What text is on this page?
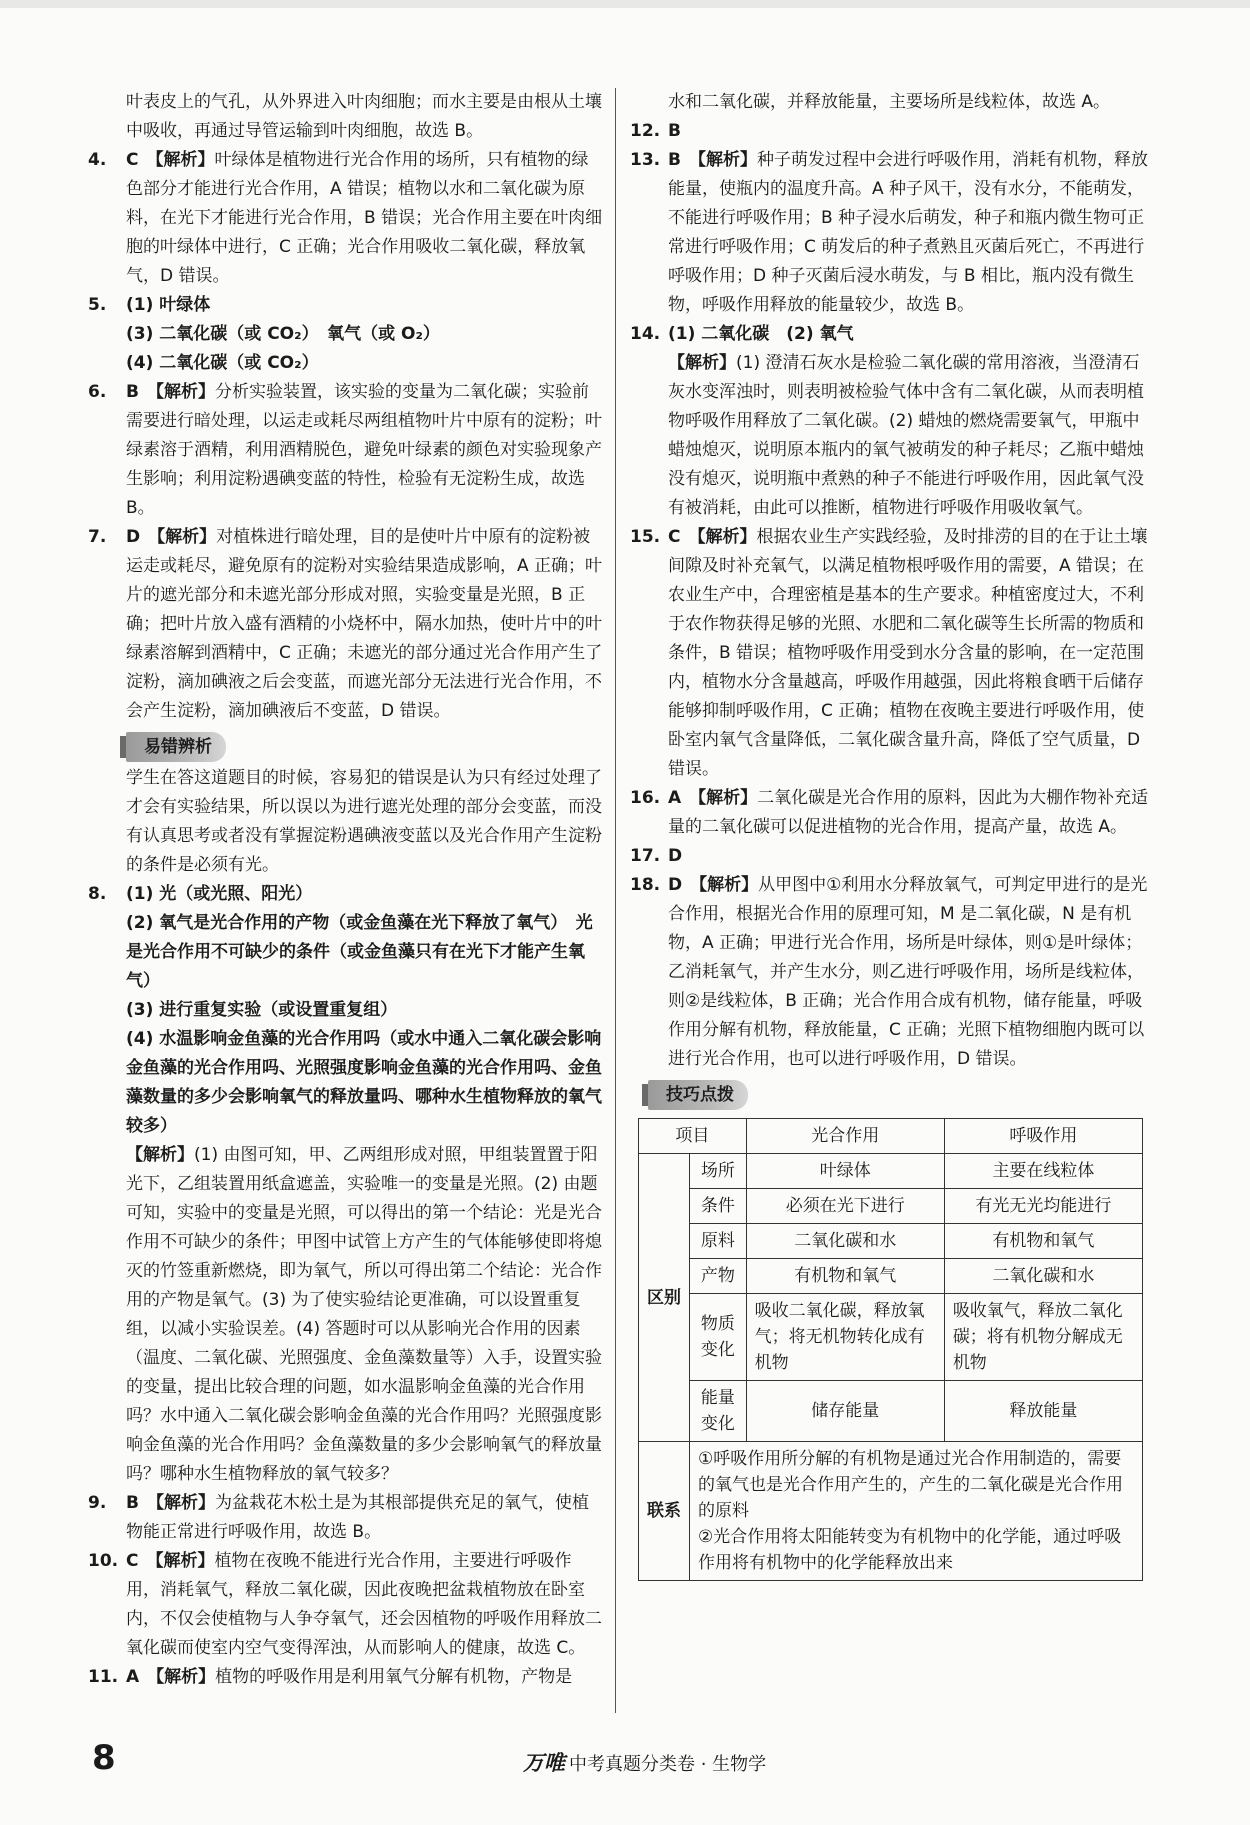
叶表皮上的气孔，从外界进入叶肉细胞；而水主要是由根从土壤中吸收，再通过导管运输到叶肉细胞，故选 B。

4. C 【解析】叶绿体是植物进行光合作用的场所，只有植物的绿色部分才能进行光合作用，A 错误；植物以水和二氧化碳为原料，在光下才能进行光合作用，B 错误；光合作用主要在叶肉细胞的叶绿体中进行，C 正确；光合作用吸收二氧化碳，释放氧气，D 错误。
5. (1) 叶绿体

(3) 二氧化碳（或 CO₂）　氧气（或 O₂）

(4) 二氧化碳（或 CO₂）

6. B 【解析】分析实验装置，该实验的变量为二氧化碳；实验前需要进行暗处理，以运走或耗尽两组植物叶片中原有的淀粉；叶绿素溶于酒精，利用酒精脱色，避免叶绿素的颜色对实验现象产生影响；利用淀粉遇碘变蓝的特性，检验有无淀粉生成，故选 B。
7. D 【解析】对植株进行暗处理，目的是使叶片中原有的淀粉被运走或耗尽，避免原有的淀粉对实验结果造成影响，A 正确；叶片的遮光部分和未遮光部分形成对照，实验变量是光照，B 正确；把叶片放入盛有酒精的小烧杯中，隔水加热，使叶片中的叶绿素溶解到酒精中，C 正确；未遮光的部分通过光合作用产生了淀粉，滴加碘液之后会变蓝，而遮光部分无法进行光合作用，不会产生淀粉，滴加碘液后不变蓝，D 错误。
易错辨析

学生在答这道题目的时候，容易犯的错误是认为只有经过处理了才会有实验结果，所以误以为进行遮光处理的部分会变蓝，而没有认真思考或者没有掌握淀粉遇碘液变蓝以及光合作用产生淀粉的条件是必须有光。

8. (1) 光（或光照、阳光）

(2) 氧气是光合作用的产物（或金鱼藻在光下释放了氧气）　光是光合作用不可缺少的条件（或金鱼藻只有在光下才能产生氧气）

(3) 进行重复实验（或设置重复组）

(4) 水温影响金鱼藻的光合作用吗（或水中通入二氧化碳会影响金鱼藻的光合作用吗、光照强度影响金鱼藻的光合作用吗、金鱼藻数量的多少会影响氧气的释放量吗、哪种水生植物释放的氧气较多）

【解析】(1) 由图可知，甲、乙两组形成对照，甲组装置置于阳光下，乙组装置用纸盒遮盖，实验唯一的变量是光照。(2) 由题可知，实验中的变量是光照，可以得出的第一个结论：光是光合作用不可缺少的条件；甲图中试管上方产生的气体能够使即将熄灭的竹签重新燃烧，即为氧气，所以可得出第二个结论：光合作用的产物是氧气。(3) 为了使实验结论更准确，可以设置重复组，以减小实验误差。(4) 答题时可以从影响光合作用的因素（温度、二氧化碳、光照强度、金鱼藻数量等）入手，设置实验的变量，提出比较合理的问题，如水温影响金鱼藻的光合作用吗？水中通入二氧化碳会影响金鱼藻的光合作用吗？光照强度影响金鱼藻的光合作用吗？金鱼藻数量的多少会影响氧气的释放量吗？哪种水生植物释放的氧气较多？

9. B 【解析】为盆栽花木松土是为其根部提供充足的氧气，使植物能正常进行呼吸作用，故选 B。
10. C 【解析】植物在夜晚不能进行光合作用，主要进行呼吸作用，消耗氧气，释放二氧化碳，因此夜晚把盆栽植物放在卧室内，不仅会使植物与人争夺氧气，还会因植物的呼吸作用释放二氧化碳而使室内空气变得浑浊，从而影响人的健康，故选 C。
11. A 【解析】植物的呼吸作用是利用氧气分解有机物，产物是

水和二氧化碳，并释放能量，主要场所是线粒体，故选 A。

12. B
13. B 【解析】种子萌发过程中会进行呼吸作用，消耗有机物，释放能量，使瓶内的温度升高。A 种子风干，没有水分，不能萌发，不能进行呼吸作用；B 种子浸水后萌发，种子和瓶内微生物可正常进行呼吸作用；C 萌发后的种子煮熟且灭菌后死亡，不再进行呼吸作用；D 种子灭菌后浸水萌发，与 B 相比，瓶内没有微生物，呼吸作用释放的能量较少，故选 B。
14. (1) 二氧化碳　(2) 氧气

【解析】(1) 澄清石灰水是检验二氧化碳的常用溶液，当澄清石灰水变浑浊时，则表明被检验气体中含有二氧化碳，从而表明植物呼吸作用释放了二氧化碳。(2) 蜡烛的燃烧需要氧气，甲瓶中蜡烛熄灭，说明原本瓶内的氧气被萌发的种子耗尽；乙瓶中蜡烛没有熄灭，说明瓶中煮熟的种子不能进行呼吸作用，因此氧气没有被消耗，由此可以推断，植物进行呼吸作用吸收氧气。

15. C 【解析】根据农业生产实践经验，及时排涝的目的在于让土壤间隙及时补充氧气，以满足植物根呼吸作用的需要，A 错误；在农业生产中，合理密植是基本的生产要求。种植密度过大，不利于农作物获得足够的光照、水肥和二氧化碳等生长所需的物质和条件，B 错误；植物呼吸作用受到水分含量的影响，在一定范围内，植物水分含量越高，呼吸作用越强，因此将粮食晒干后储存能够抑制呼吸作用，C 正确；植物在夜晚主要进行呼吸作用，使卧室内氧气含量降低，二氧化碳含量升高，降低了空气质量，D 错误。
16. A 【解析】二氧化碳是光合作用的原料，因此为大棚作物补充适量的二氧化碳可以促进植物的光合作用，提高产量，故选 A。
17. D
18. D 【解析】从甲图中①利用水分释放氧气，可判定甲进行的是光合作用，根据光合作用的原理可知，M 是二氧化碳，N 是有机物，A 正确；甲进行光合作用，场所是叶绿体，则①是叶绿体；乙消耗氧气，并产生水分，则乙进行呼吸作用，场所是线粒体，则②是线粒体，B 正确；光合作用合成有机物，储存能量，呼吸作用分解有机物，释放能量，C 正确；光照下植物细胞内既可以进行光合作用，也可以进行呼吸作用，D 错误。
技巧点拨
项目		光合作用	呼吸作用
区别	场所	叶绿体	主要在线粒体
	条件	必须在光下进行	有光无光均能进行
	原料	二氧化碳和水	有机物和氧气
	产物	有机物和氧气	二氧化碳和水
	物质变化	吸收二氧化碳，释放氧气；将无机物转化成有机物	吸收氧气，释放二氧化碳；将有机物分解成无机物
	能量变化	储存能量	释放能量
联系	①呼吸作用所分解的有机物是通过光合作用制造的，需要的氧气也是光合作用产生的，产生的二氧化碳是光合作用的原料

②光合作用将太阳能转变为有机物中的化学能，通过呼吸作用将有机物中的化学能释放出来		

8	万唯 中考真题分类卷 · 生物学
